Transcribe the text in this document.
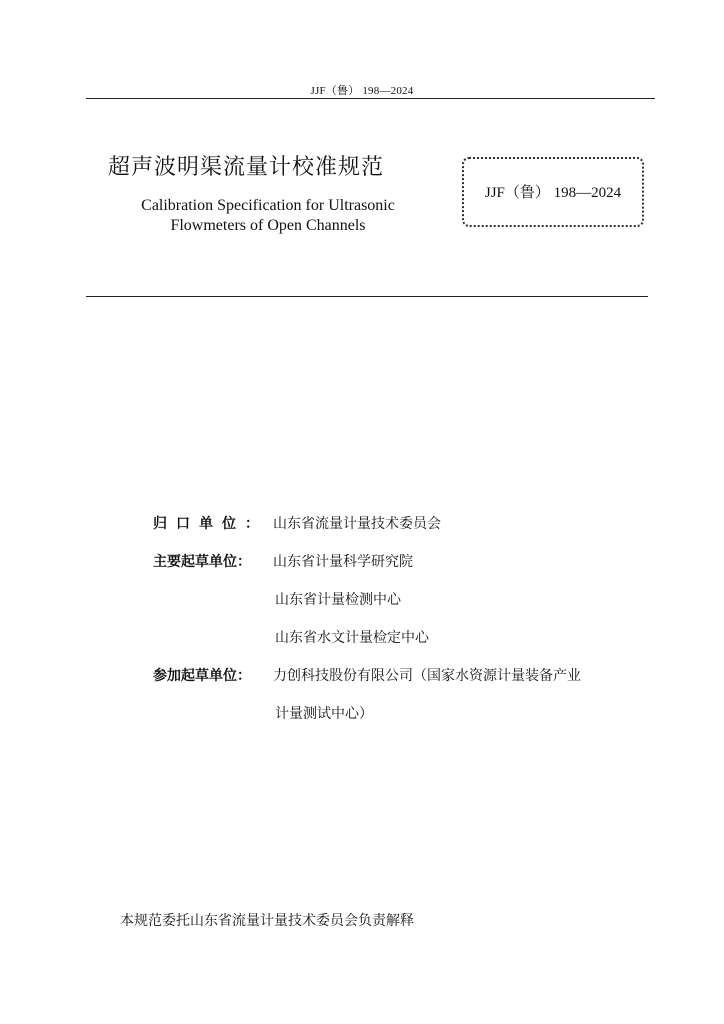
JJF（鲁） 198—2024
超声波明渠流量计校准规范
Calibration Specification for Ultrasonic
Flowmeters of Open Channels
JJF（鲁） 198—2024
归口单位： 山东省流量计量技术委员会
主要起草单位： 山东省计量科学研究院
山东省计量检测中心
山东省水文计量检定中心
参加起草单位： 力创科技股份有限公司（国家水资源计量装备产业
计量测试中心）
本规范委托山东省流量计量技术委员会负责解释
